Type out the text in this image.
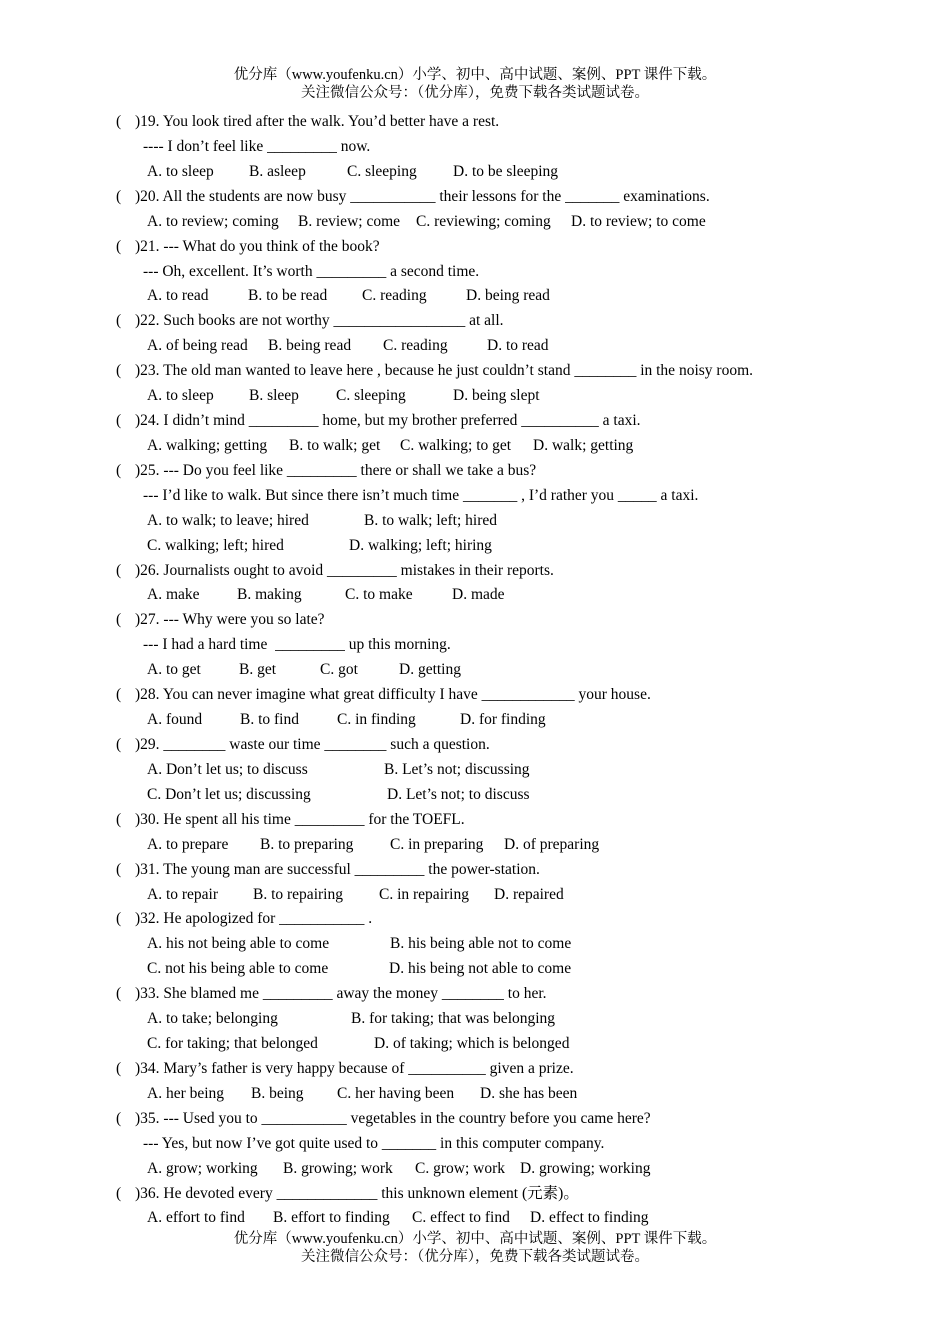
优分库（www.youfenku.cn）小学、初中、高中试题、案例、PPT 课件下载。
关注微信公众号：（优分库），免费下载各类试题试卷。
( )19. You look tired after the walk. You’d better have a rest.
---- I don’t feel like _________ now.
A. to sleep B. asleep	C. sleeping D. to be sleeping
( )20. All the students are now busy ___________ their lessons for the _______ examinations.
A. to review; coming B. review; come C. reviewing; coming D. to review; to come
( )21. --- What do you think of the book?
--- Oh, excellent. It’s worth _________ a second time.
A. to read	B. to be read C. reading	D. being read
( )22. Such books are not worthy _________________ at all.
A. of being read B. being read C. reading	D. to read
( )23. The old man wanted to leave here , because he just couldn’t stand ________ in the noisy room.
A. to sleep B. sleep C. sleeping	D. being slept
( )24. I didn’t mind _________ home, but my brother preferred __________ a taxi.
A. walking; getting B. to walk; get C. walking; to get D. walk; getting
( )25. --- Do you feel like _________ there or shall we take a bus?
--- I’d like to walk. But since there isn’t much time _______ , I’d rather you _____ a taxi.
A. to walk; to leave; hired	B. to walk; left; hired
C. walking; left; hired	D. walking; left; hiring
( )26. Journalists ought to avoid _________ mistakes in their reports.
A. make B. making	C. to make	D. made
( )27. --- Why were you so late?
--- I had a hard time  _________ up this morning.
A. to get B. get	C. got	D. getting
( )28. You can never imagine what great difficulty I have ____________ your house.
A. found B. to find C. in finding	D. for finding
( )29. ________ waste our time ________ such a question.
A. Don’t let us; to discuss	B. Let’s not; discussing
C. Don’t let us; discussing	D. Let’s not; to discuss
( )30. He spent all his time _________ for the TOEFL.
A. to prepare B. to preparing C. in preparing D. of preparing
( )31. The young man are successful _________ the power-station.
A. to repair B. to repairing C. in repairing D. repaired
( )32. He apologized for ___________ .
A. his not being able to come	B. his being able not to come
C. not his being able to come	D. his being not able to come
( )33. She blamed me _________ away the money ________ to her.
A. to take; belonging	B. for taking; that was belonging
C. for taking; that belonged	D. of taking; which is belonged
( )34. Mary’s father is very happy because of __________ given a prize.
A. her being B. being C. her having been D. she has been
( )35. --- Used you to ___________ vegetables in the country before you came here?
--- Yes, but now I’ve got quite used to _______ in this computer company.
A. grow; working B. growing; work C. grow; work D. growing; working
( )36. He devoted every _____________ this unknown element (元素)。
A. effort to find B. effort to finding C. effect to find D. effect to finding
优分库（www.youfenku.cn）小学、初中、高中试题、案例、PPT 课件下载。
关注微信公众号：（优分库），免费下载各类试题试卷。
